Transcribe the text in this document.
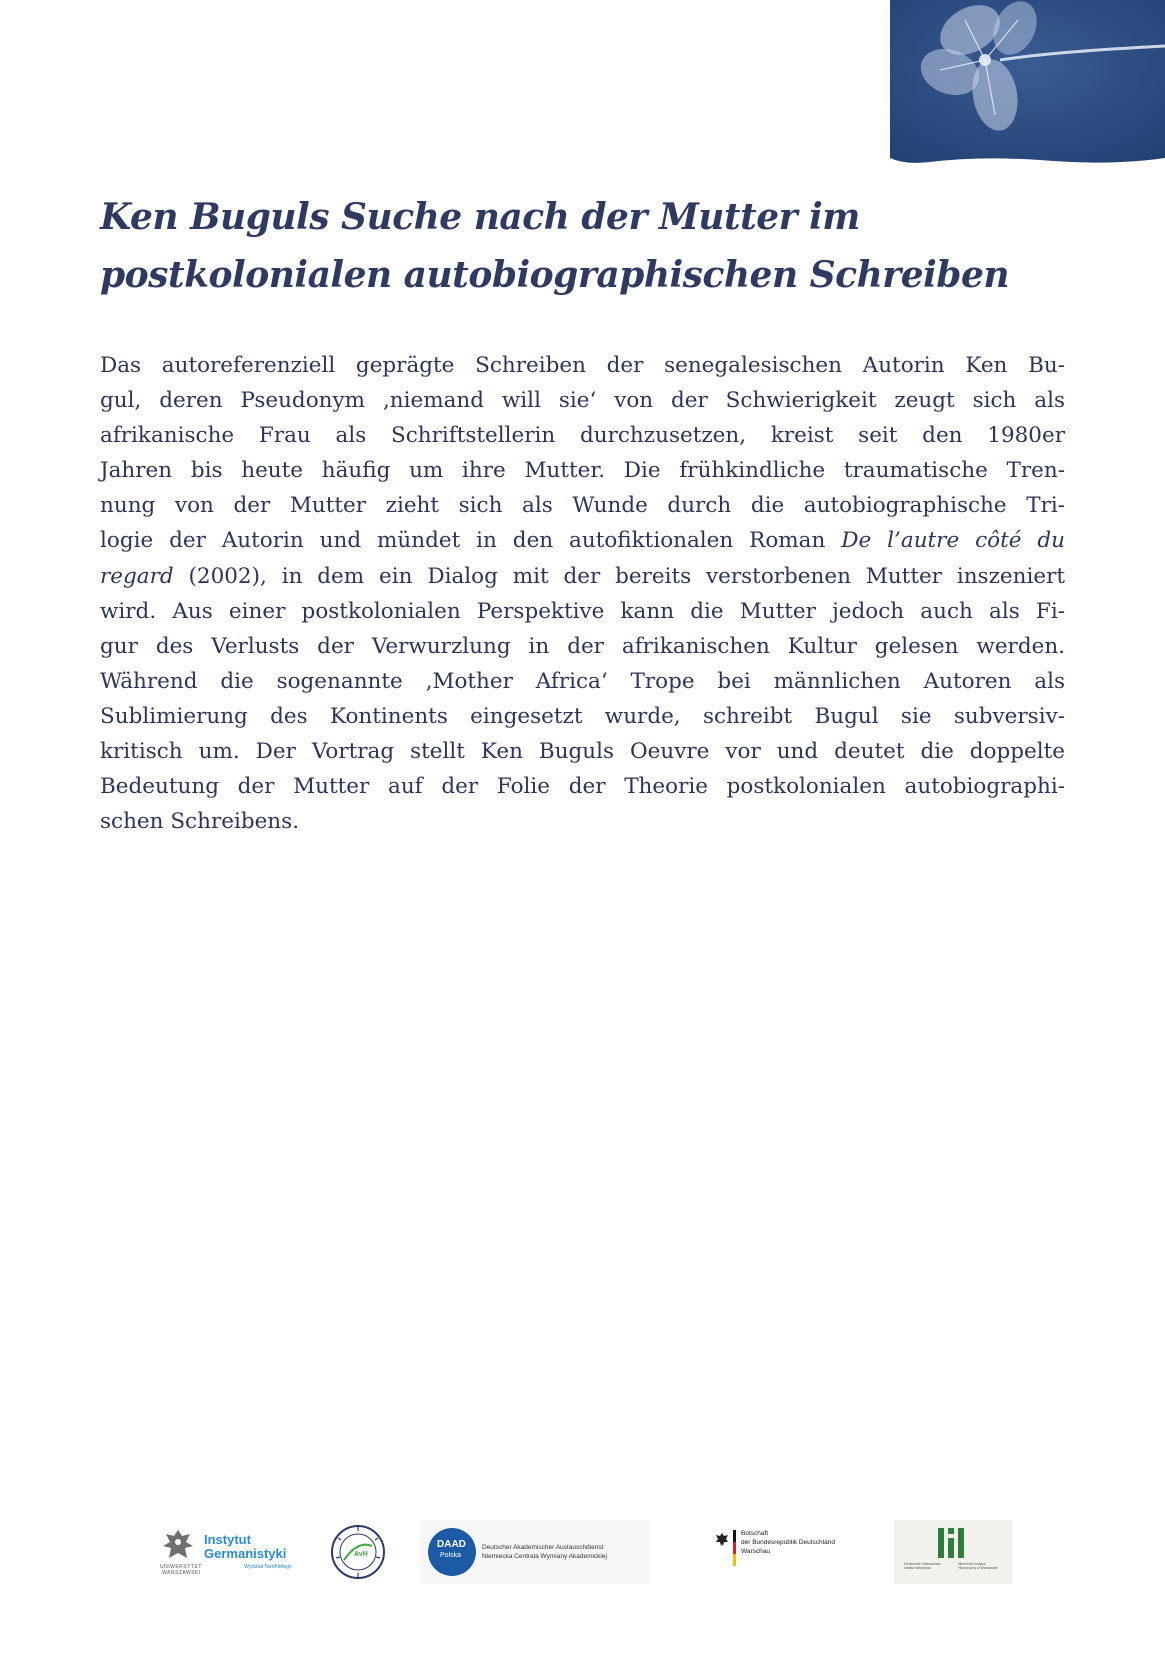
Ken Buguls Suche nach der Mutter im
postkolonialen autobiographischen Schreiben
Das autoreferenziell geprägte Schreiben der senegalesischen Autorin Ken Bu-
gul, deren Pseudonym ‚niemand will sie‘ von der Schwierigkeit zeugt sich als
afrikanische Frau als Schriftstellerin durchzusetzen, kreist seit den 1980er
Jahren bis heute häufig um ihre Mutter. Die frühkindliche traumatische Tren-
nung von der Mutter zieht sich als Wunde durch die autobiographische Tri-
logie der Autorin und mündet in den autofiktionalen Roman De l’autre côté du
regard (2002), in dem ein Dialog mit der bereits verstorbenen Mutter inszeniert
wird. Aus einer postkolonialen Perspektive kann die Mutter jedoch auch als Fi-
gur des Verlusts der Verwurzlung in der afrikanischen Kultur gelesen werden.
Während die sogenannte ‚Mother Africa‘ Trope bei männlichen Autoren als
Sublimierung des Kontinents eingesetzt wurde, schreibt Bugul sie subversiv-
kritisch um. Der Vortrag stellt Ken Buguls Oeuvre vor und deutet die doppelte
Bedeutung der Mutter auf der Folie der Theorie postkolonialen autobiographi-
schen Schreibens.
UNIWERSYTET
WARSZAWSKI
Instytut
Germanistyki
Wydział Neofilologii
AvH
DAAD
Polska
Deutscher Akademischer Austauschdienst
Niemiecka Centrala Wymiany Akademickiej
Botschaft
der Bundesrepublik Deutschland
Warschau
Deutsches Historisches Institut Warschau
Niemiecki Instytut Historyczny w Warszawie
